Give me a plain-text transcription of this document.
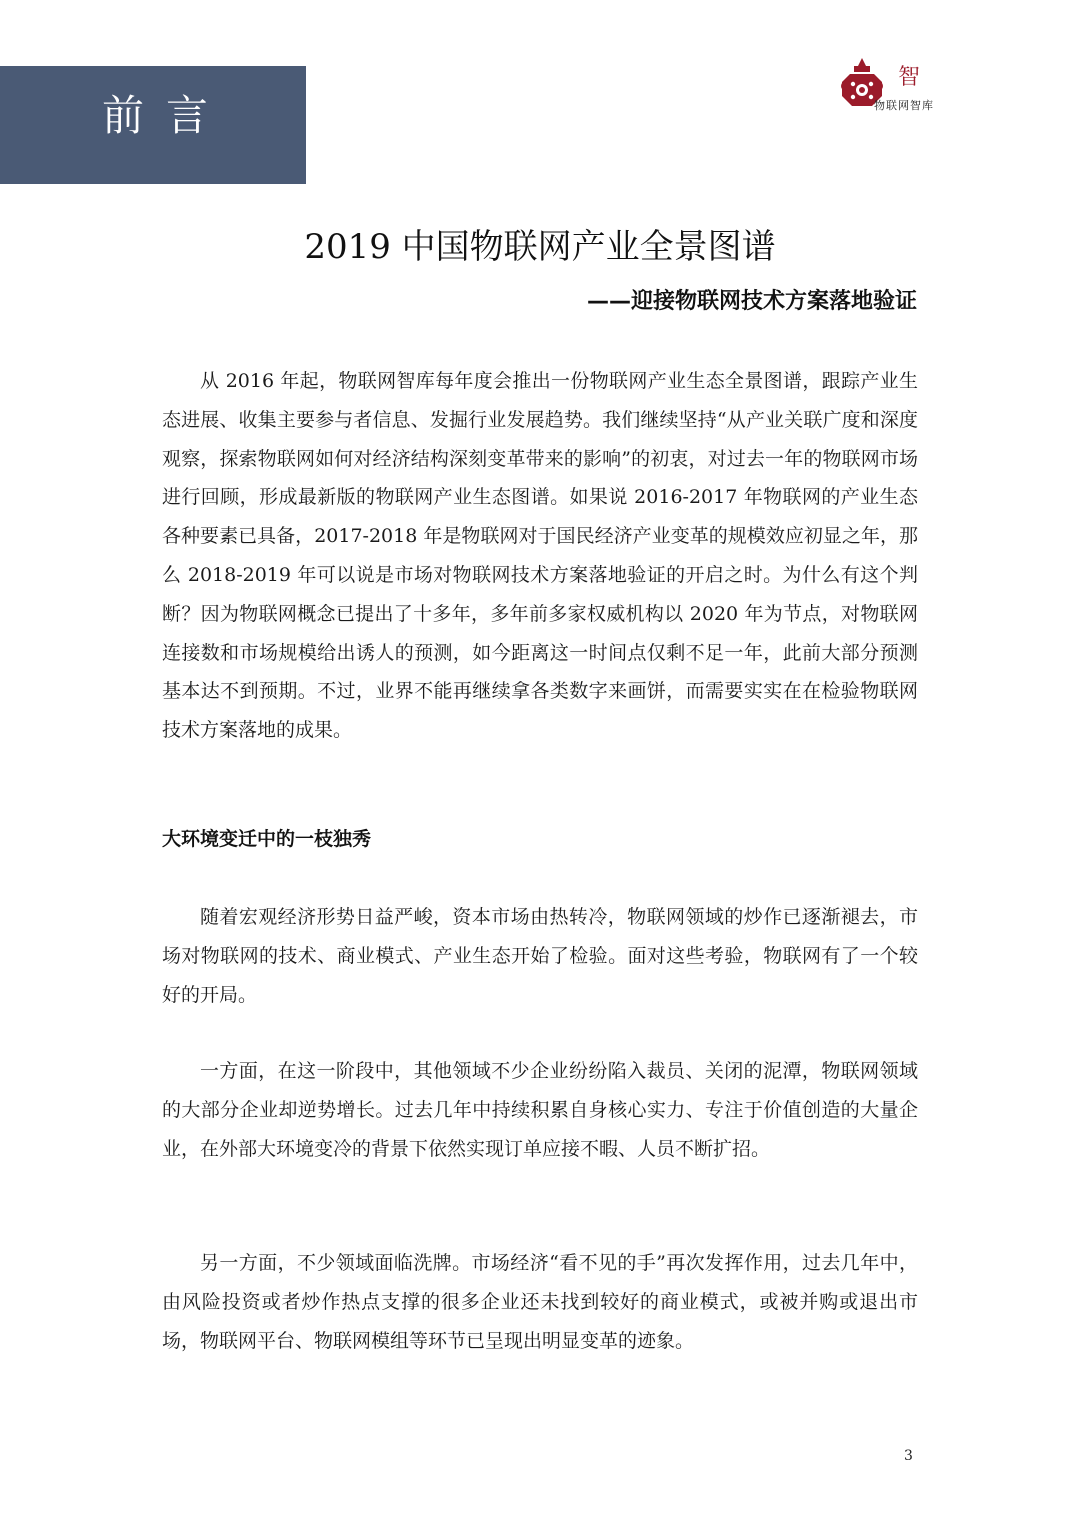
前言
智
物联网智库
2019 中国物联网产业全景图谱
——迎接物联网技术方案落地验证
从 2016 年起，物联网智库每年度会推出一份物联网产业生态全景图谱，跟踪产业生态进展、收集主要参与者信息、发掘行业发展趋势。我们继续坚持“从产业关联广度和深度观察，探索物联网如何对经济结构深刻变革带来的影响”的初衷，对过去一年的物联网市场进行回顾，形成最新版的物联网产业生态图谱。如果说 2016-2017 年物联网的产业生态各种要素已具备，2017-2018 年是物联网对于国民经济产业变革的规模效应初显之年，那么 2018-2019 年可以说是市场对物联网技术方案落地验证的开启之时。为什么有这个判断？因为物联网概念已提出了十多年，多年前多家权威机构以 2020 年为节点，对物联网连接数和市场规模给出诱人的预测，如今距离这一时间点仅剩不足一年，此前大部分预测基本达不到预期。不过，业界不能再继续拿各类数字来画饼，而需要实实在在检验物联网技术方案落地的成果。
大环境变迁中的一枝独秀
随着宏观经济形势日益严峻，资本市场由热转冷，物联网领域的炒作已逐渐褪去，市场对物联网的技术、商业模式、产业生态开始了检验。面对这些考验，物联网有了一个较好的开局。
一方面，在这一阶段中，其他领域不少企业纷纷陷入裁员、关闭的泥潭，物联网领域的大部分企业却逆势增长。过去几年中持续积累自身核心实力、专注于价值创造的大量企业，在外部大环境变冷的背景下依然实现订单应接不暇、人员不断扩招。
另一方面，不少领域面临洗牌。市场经济“看不见的手”再次发挥作用，过去几年中，由风险投资或者炒作热点支撑的很多企业还未找到较好的商业模式，或被并购或退出市场，物联网平台、物联网模组等环节已呈现出明显变革的迹象。
3
